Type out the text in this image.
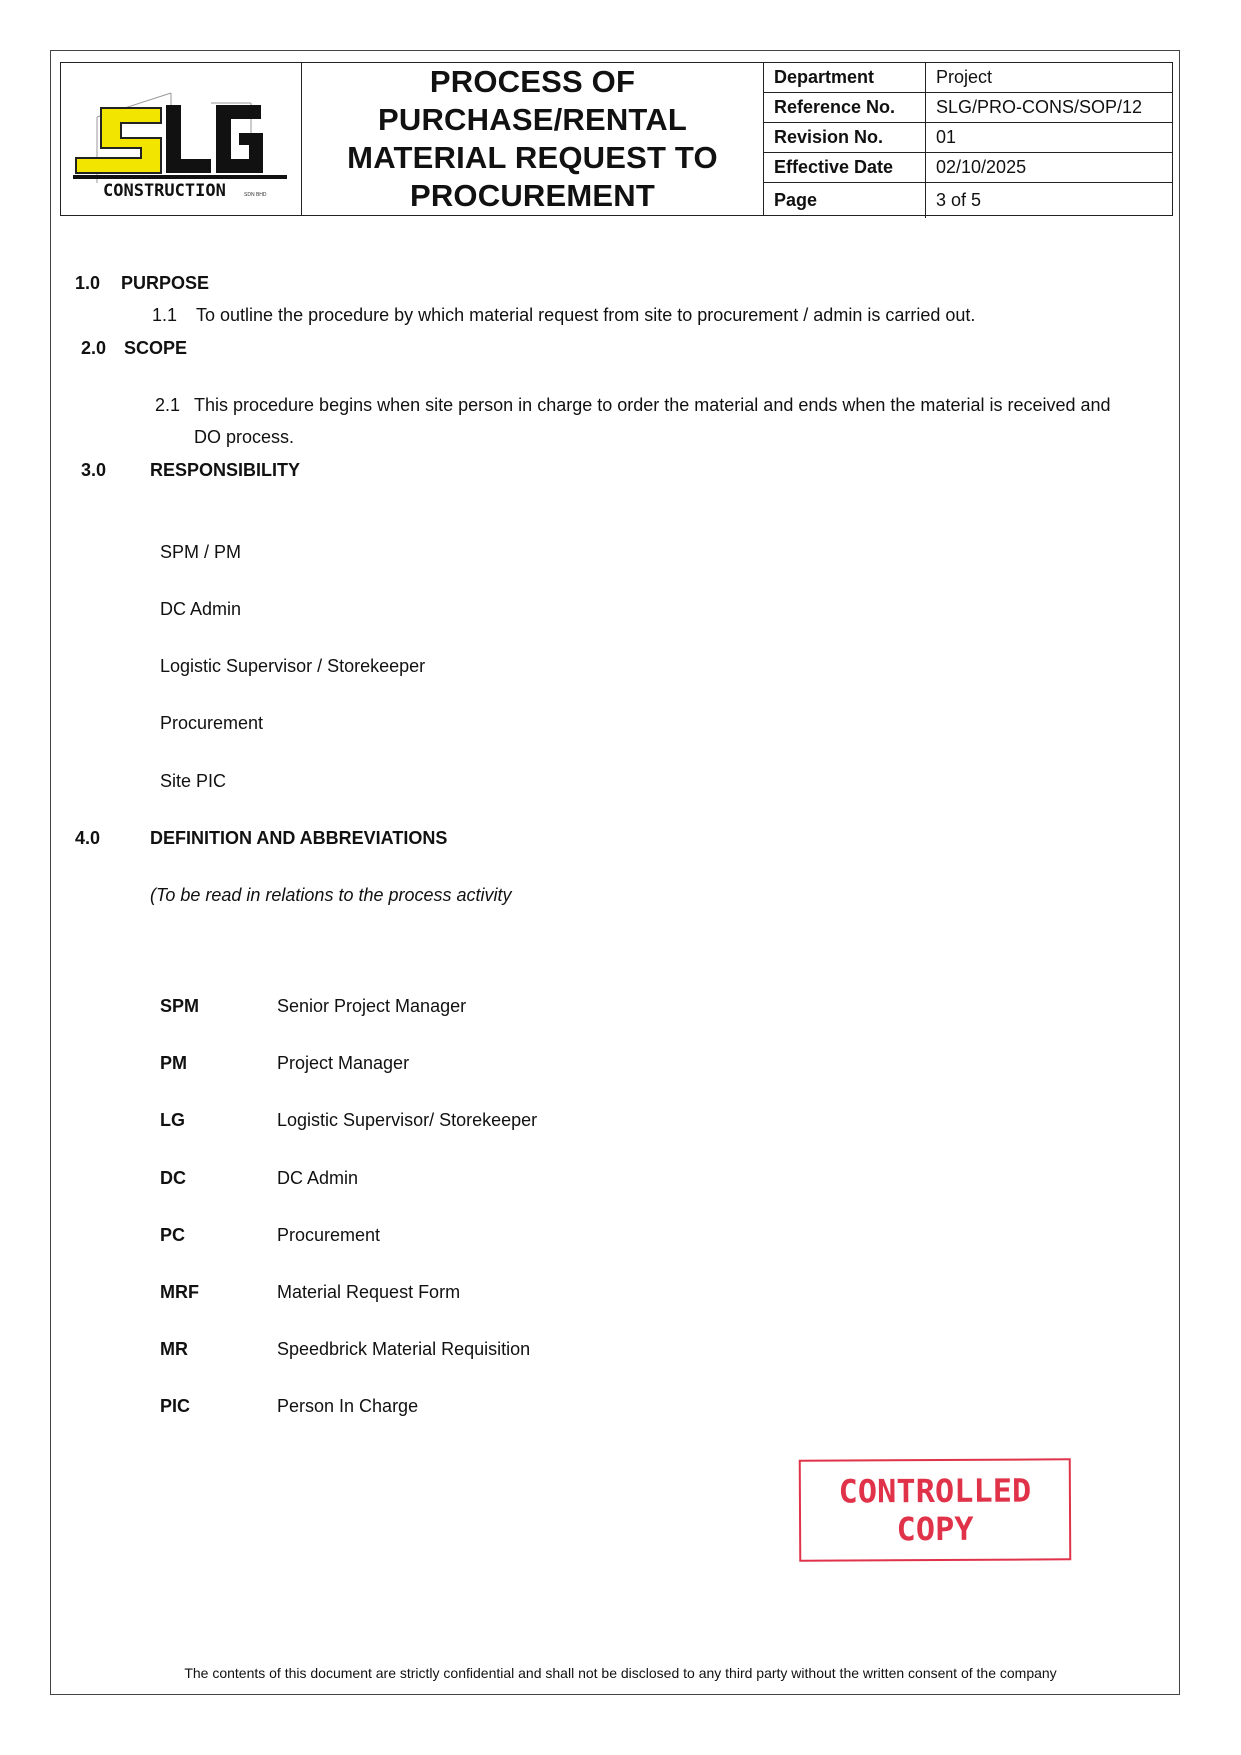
CONSTRUCTION	SDN BHD
PROCESS OF
PURCHASE/RENTAL
MATERIAL REQUEST TO
PROCUREMENT
Department	Project
Reference No.	SLG/PRO-CONS/SOP/12
Revision No.	01
Effective Date	02/10/2025
Page	3 of 5
1.0 PURPOSE
1.1 To outline the procedure by which material request from site to procurement / admin is carried out.
2.0 SCOPE
2.1 This procedure begins when site person in charge to order the material and ends when the material is received and
DO process.
3.0 RESPONSIBILITY
SPM / PM
DC Admin
Logistic Supervisor / Storekeeper
Procurement
Site PIC
4.0	DEFINITION AND ABBREVIATIONS
(To be read in relations to the process activity
SPM	Senior Project Manager
PM	Project Manager
LG	Logistic Supervisor/ Storekeeper
DC	DC Admin
PC	Procurement
MRF	Material Request Form
MR	Speedbrick Material Requisition
PIC	Person In Charge
CONTROLLED
COPY
The contents of this document are strictly confidential and shall not be disclosed to any third party without the written consent of the company
